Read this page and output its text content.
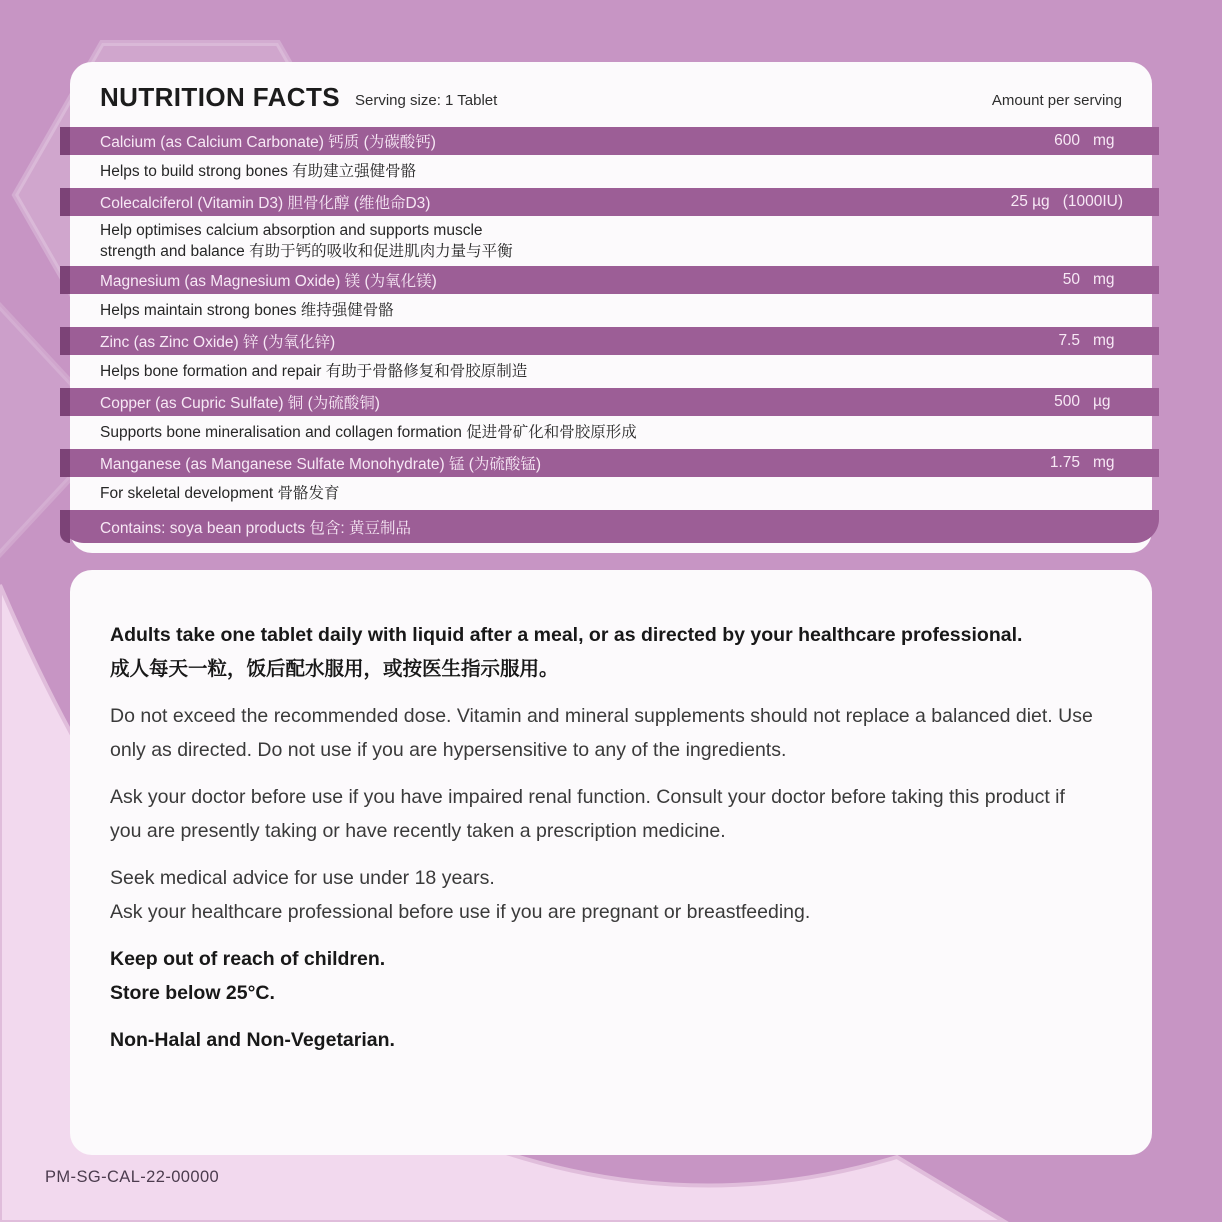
NUTRITION FACTS Serving size: 1 Tablet	Amount per serving
Calcium (as Calcium Carbonate) 钙质 (为碳酸钙)	600 mg
Helps to build strong bones 有助建立强健骨骼
Colecalciferol (Vitamin D3) 胆骨化醇 (维他命D3)	25 µg (1000IU)
Help optimises calcium absorption and supports muscle
strength and balance 有助于钙的吸收和促进肌肉力量与平衡
Magnesium (as Magnesium Oxide) 镁 (为氧化镁)	50 mg
Helps maintain strong bones 维持强健骨骼
Zinc (as Zinc Oxide) 锌 (为氧化锌)	7.5 mg
Helps bone formation and repair 有助于骨骼修复和骨胶原制造
Copper (as Cupric Sulfate) 铜 (为硫酸铜)	500 µg
Supports bone mineralisation and collagen formation 促进骨矿化和骨胶原形成
Manganese (as Manganese Sulfate Monohydrate) 锰 (为硫酸锰)	1.75 mg
For skeletal development 骨骼发育
Contains: soya bean products 包含: 黄豆制品
Adults take one tablet daily with liquid after a meal, or as directed by your healthcare professional.
成人每天一粒，饭后配水服用，或按医生指示服用。
Do not exceed the recommended dose. Vitamin and mineral supplements should not replace a balanced diet. Use only as directed. Do not use if you are hypersensitive to any of the ingredients.
Ask your doctor before use if you have impaired renal function. Consult your doctor before taking this product if you are presently taking or have recently taken a prescription medicine.
Seek medical advice for use under 18 years.
Ask your healthcare professional before use if you are pregnant or breastfeeding.
Keep out of reach of children.
Store below 25°C.
Non-Halal and Non-Vegetarian.
PM-SG-CAL-22-00000
